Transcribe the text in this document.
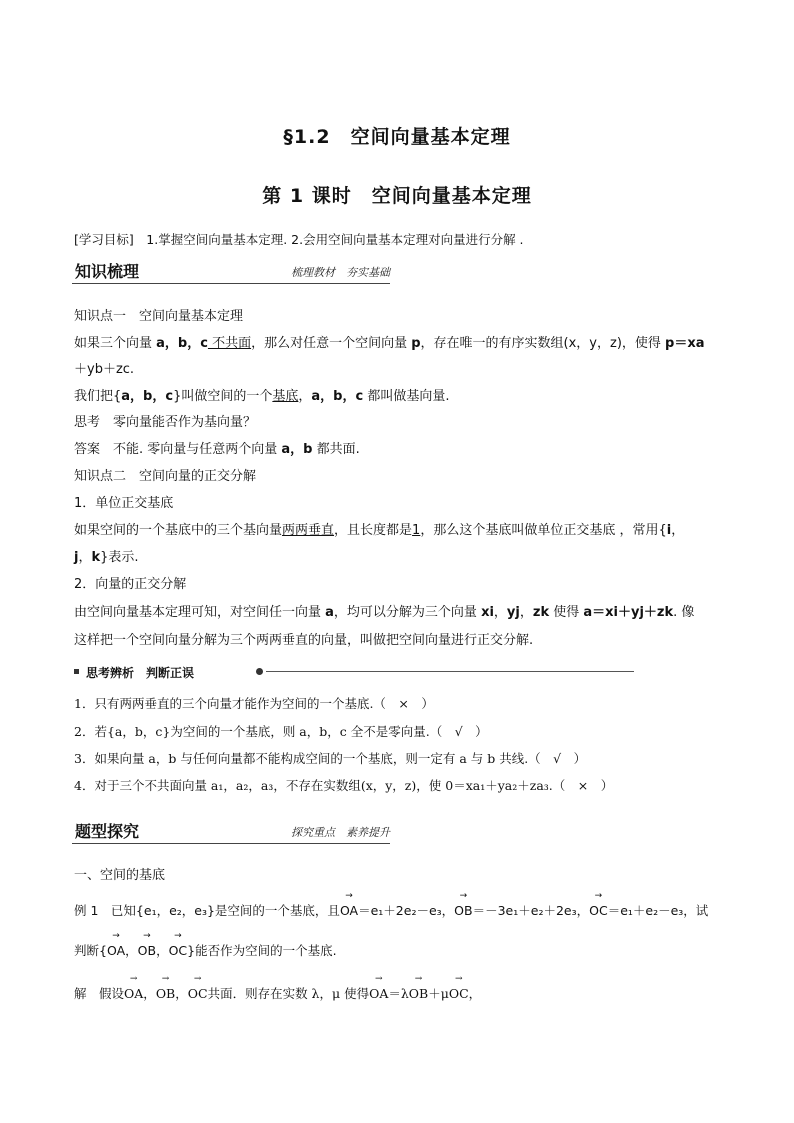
§1.2　空间向量基本定理
第 1 课时　空间向量基本定理
[学习目标]　1.掌握空间向量基本定理. 2.会用空间向量基本定理对向量进行分解 .
知识梳理	梳理教材　夯实基础
知识点一　空间向量基本定理
如果三个向量 a，b，c 不共面，那么对任意一个空间向量 p，存在唯一的有序实数组(x，y，z)，使得 p＝xa
＋yb＋zc.
我们把{a，b，c}叫做空间的一个基底，a，b，c 都叫做基向量.
思考　零向量能否作为基向量？
答案　不能. 零向量与任意两个向量 a，b 都共面.
知识点二　空间向量的正交分解
1．单位正交基底
如果空间的一个基底中的三个基向量两两垂直，且长度都是1，那么这个基底叫做单位正交基底 ，常用{i，
j，k}表示.
2．向量的正交分解
由空间向量基本定理可知，对空间任一向量 a，均可以分解为三个向量 xi，yj，zk 使得 a＝xi＋yj＋zk. 像
这样把一个空间向量分解为三个两两垂直的向量，叫做把空间向量进行正交分解.
思考辨析　判断正误
1．只有两两垂直的三个向量才能作为空间的一个基底.（　×　）
2．若{a，b，c}为空间的一个基底，则 a，b，c 全不是零向量.（　√　）
3．如果向量 a，b 与任何向量都不能构成空间的一个基底，则一定有 a 与 b 共线.（　√　）
4．对于三个不共面向量 a₁，a₂，a₃，不存在实数组(x，y，z)，使 0＝xa₁＋ya₂＋za₃.（　×　）
题型探究	探究重点　素养提升
一、空间的基底
例 1　已知{e₁，e₂，e₃}是空间的一个基底，且→ OA＝e₁＋2e₂－e₃，→ OB＝－3e₁＋e₂＋2e₃，→ OC＝e₁＋e₂－e₃，试
判断{→ OA，→ OB，→ OC}能否作为空间的一个基底.
解　假设→ OA，→ OB，→ OC共面．则存在实数 λ，μ 使得→ OA＝λ→ OB＋μ→ OC，
